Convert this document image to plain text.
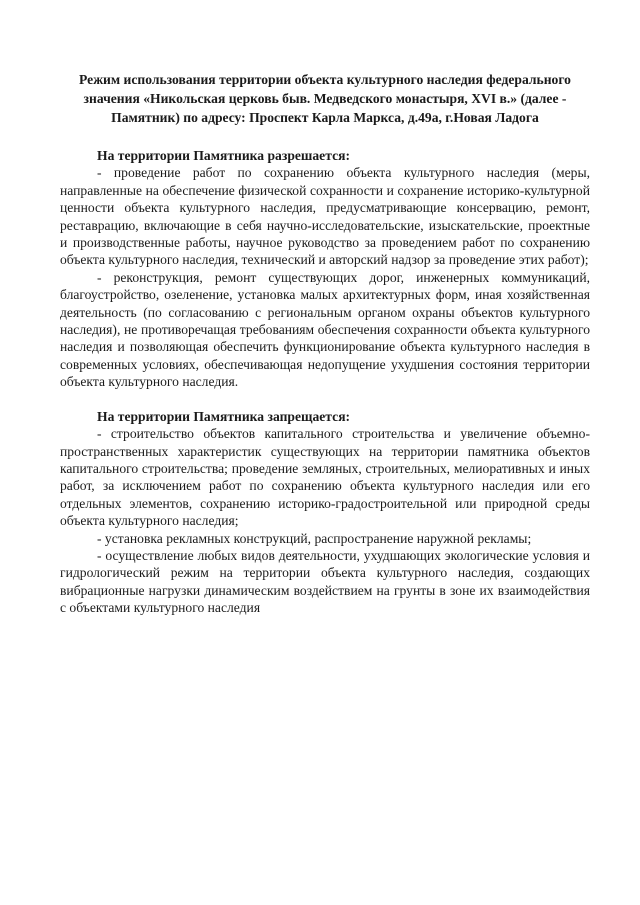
Режим использования территории объекта культурного наследия федерального значения «Никольская церковь быв. Медведского монастыря, XVI в.» (далее - Памятник) по адресу: Проспект Карла Маркса, д.49а, г.Новая Ладога

На территории Памятника разрешается:

- проведение работ по сохранению объекта культурного наследия (меры, направленные на обеспечение физической сохранности и сохранение историко-культурной ценности объекта культурного наследия, предусматривающие консервацию, ремонт, реставрацию, включающие в себя научно-исследовательские, изыскательские, проектные и производственные работы, научное руководство за проведением работ по сохранению объекта культурного наследия, технический и авторский надзор за проведение этих работ);

- реконструкция, ремонт существующих дорог, инженерных коммуникаций, благоустройство, озеленение, установка малых архитектурных форм, иная хозяйственная деятельность (по согласованию с региональным органом охраны объектов культурного наследия), не противоречащая требованиям обеспечения сохранности объекта культурного наследия и позволяющая обеспечить функционирование объекта культурного наследия в современных условиях, обеспечивающая недопущение ухудшения состояния территории объекта культурного наследия.

На территории Памятника запрещается:

- строительство объектов капитального строительства и увеличение объемно-пространственных характеристик существующих на территории памятника объектов капитального строительства; проведение земляных, строительных, мелиоративных и иных работ, за исключением работ по сохранению объекта культурного наследия или его отдельных элементов, сохранению историко-градостроительной или природной среды объекта культурного наследия;

- установка рекламных конструкций, распространение наружной рекламы;

- осуществление любых видов деятельности, ухудшающих экологические условия и гидрологический режим на территории объекта культурного наследия, создающих вибрационные нагрузки динамическим воздействием на грунты в зоне их взаимодействия с объектами культурного наследия
